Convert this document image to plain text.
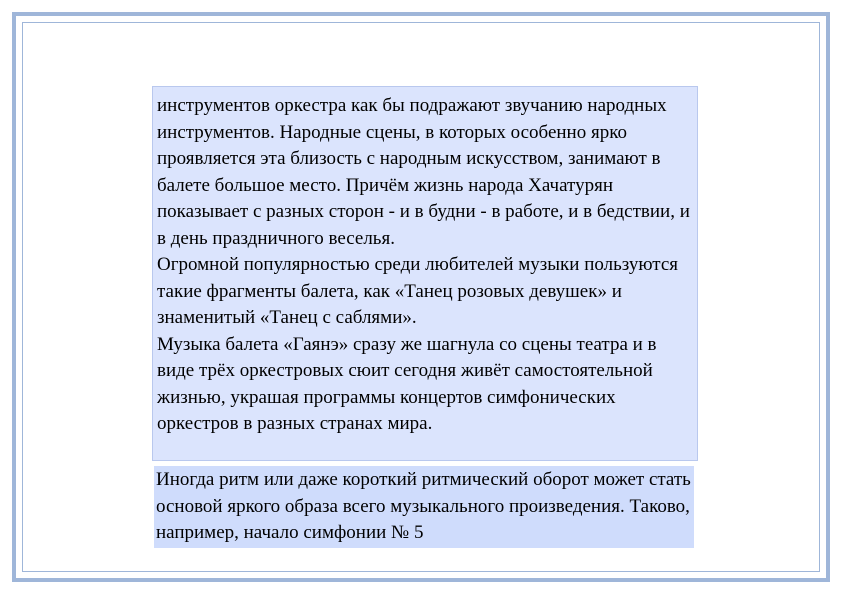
инструментов оркестра как бы подражают звучанию народных инструментов. Народные сцены, в которых особенно ярко проявляется эта близость с народным искусством, занимают в балете большое место. Причём жизнь народа Хачатурян показывает с разных сторон - и в будни - в работе, и в бедствии, и в день праздничного веселья.

Огромной популярностью среди любителей музыки пользуются такие фрагменты балета, как «Танец розовых девушек» и знаменитый «Танец с саблями».

Музыка балета «Гаянэ» сразу же шагнула со сцены театра и в виде трёх оркестровых сюит сегодня живёт самостоятельной жизнью, украшая программы концертов симфонических оркестров в разных странах мира.

Иногда ритм или даже короткий ритмический оборот может стать основой яркого образа всего музыкального произведения. Таково, например, начало симфонии № 5
